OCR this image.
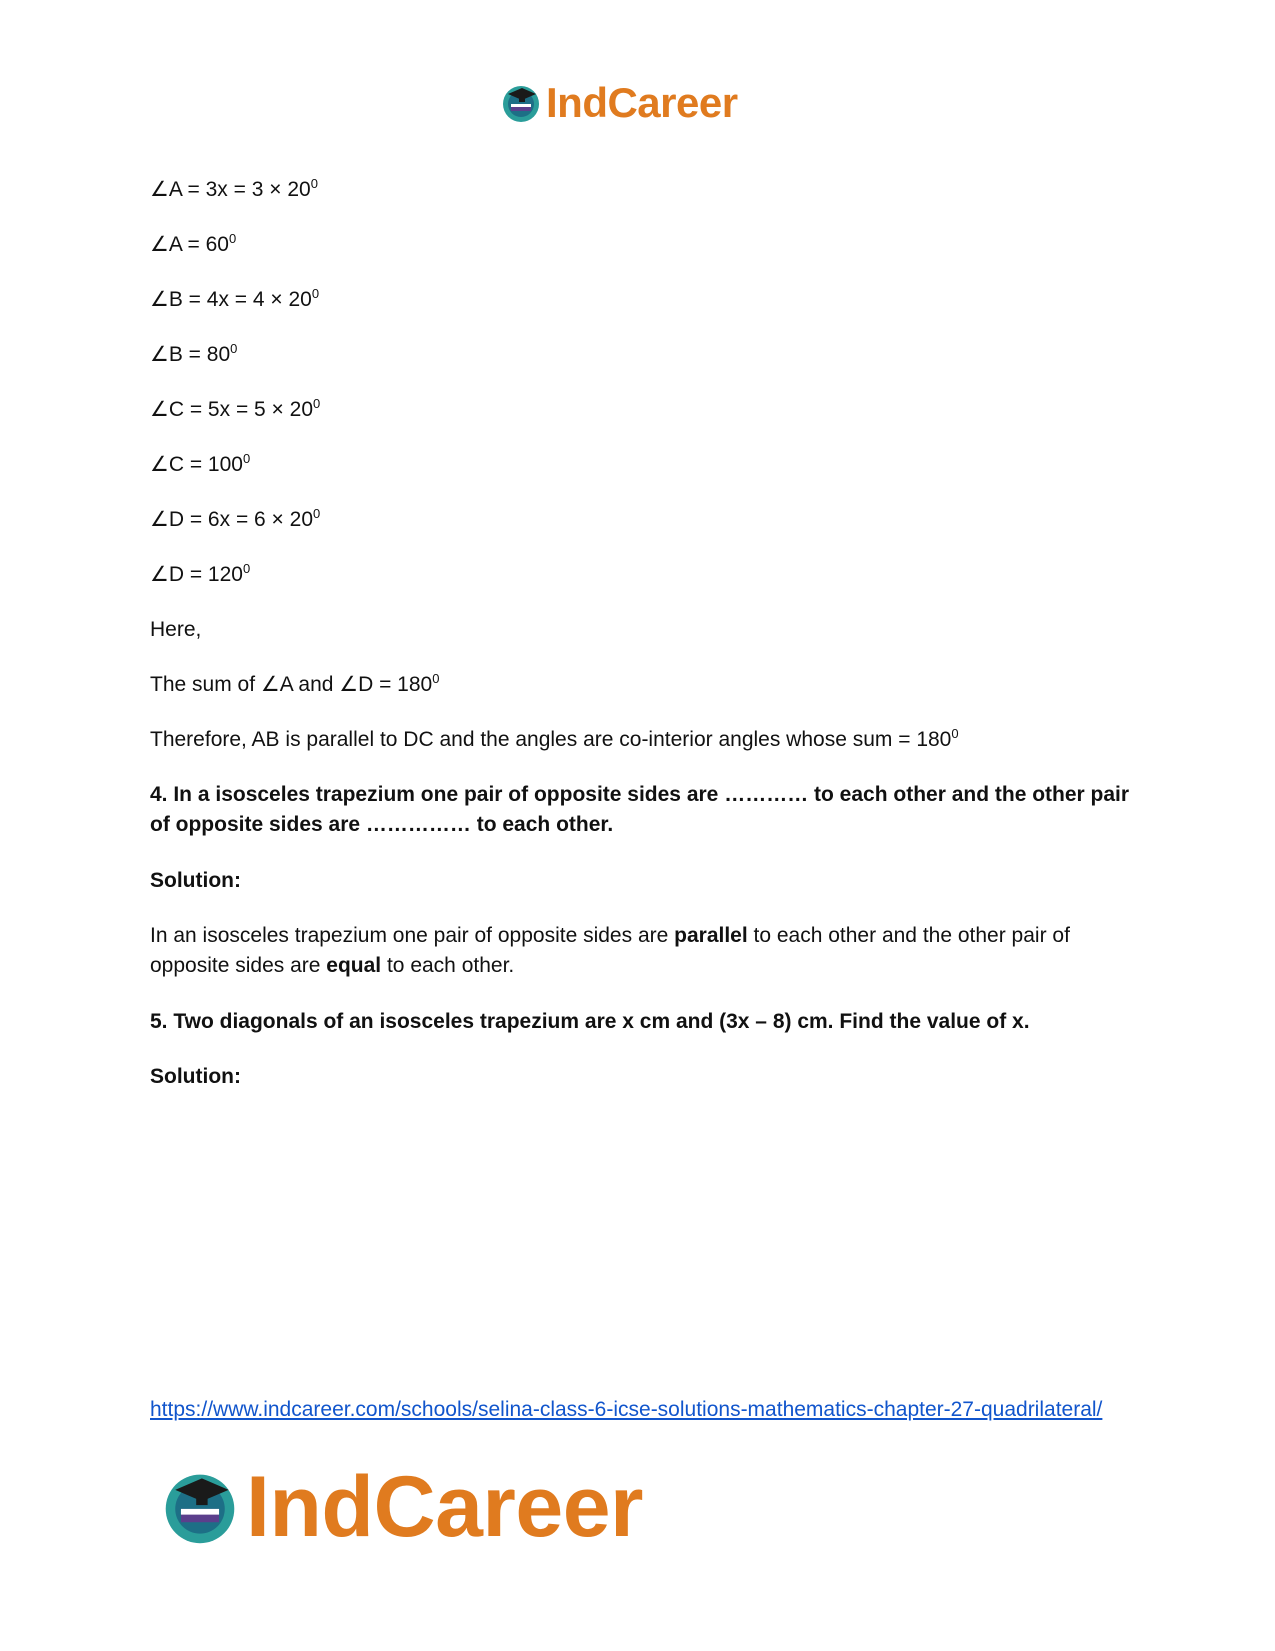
IndCareer
∠A = $3x = 3 \times 20^0$
∠A = $60^0$
∠B = $4x = 4 \times 20^0$
∠B = $80^0$
∠C = $5x = 5 \times 20^0$
∠C = $100^0$
∠D = $6x = 6 \times 20^0$
∠D = $120^0$
Here,
The sum of ∠A and ∠D = $180^0$
Therefore, AB is parallel to DC and the angles are co-interior angles whose sum = $180^0$
4. In a isosceles trapezium one pair of opposite sides are ………… to each other and the other pair of opposite sides are …………… to each other.
Solution:
In an isosceles trapezium one pair of opposite sides are parallel to each other and the other pair of opposite sides are equal to each other.
5. Two diagonals of an isosceles trapezium are x cm and (3x – 8) cm. Find the value of x.
Solution:
https://www.indcareer.com/schools/selina-class-6-icse-solutions-mathematics-chapter-27-quadrilateral/
IndCareer
